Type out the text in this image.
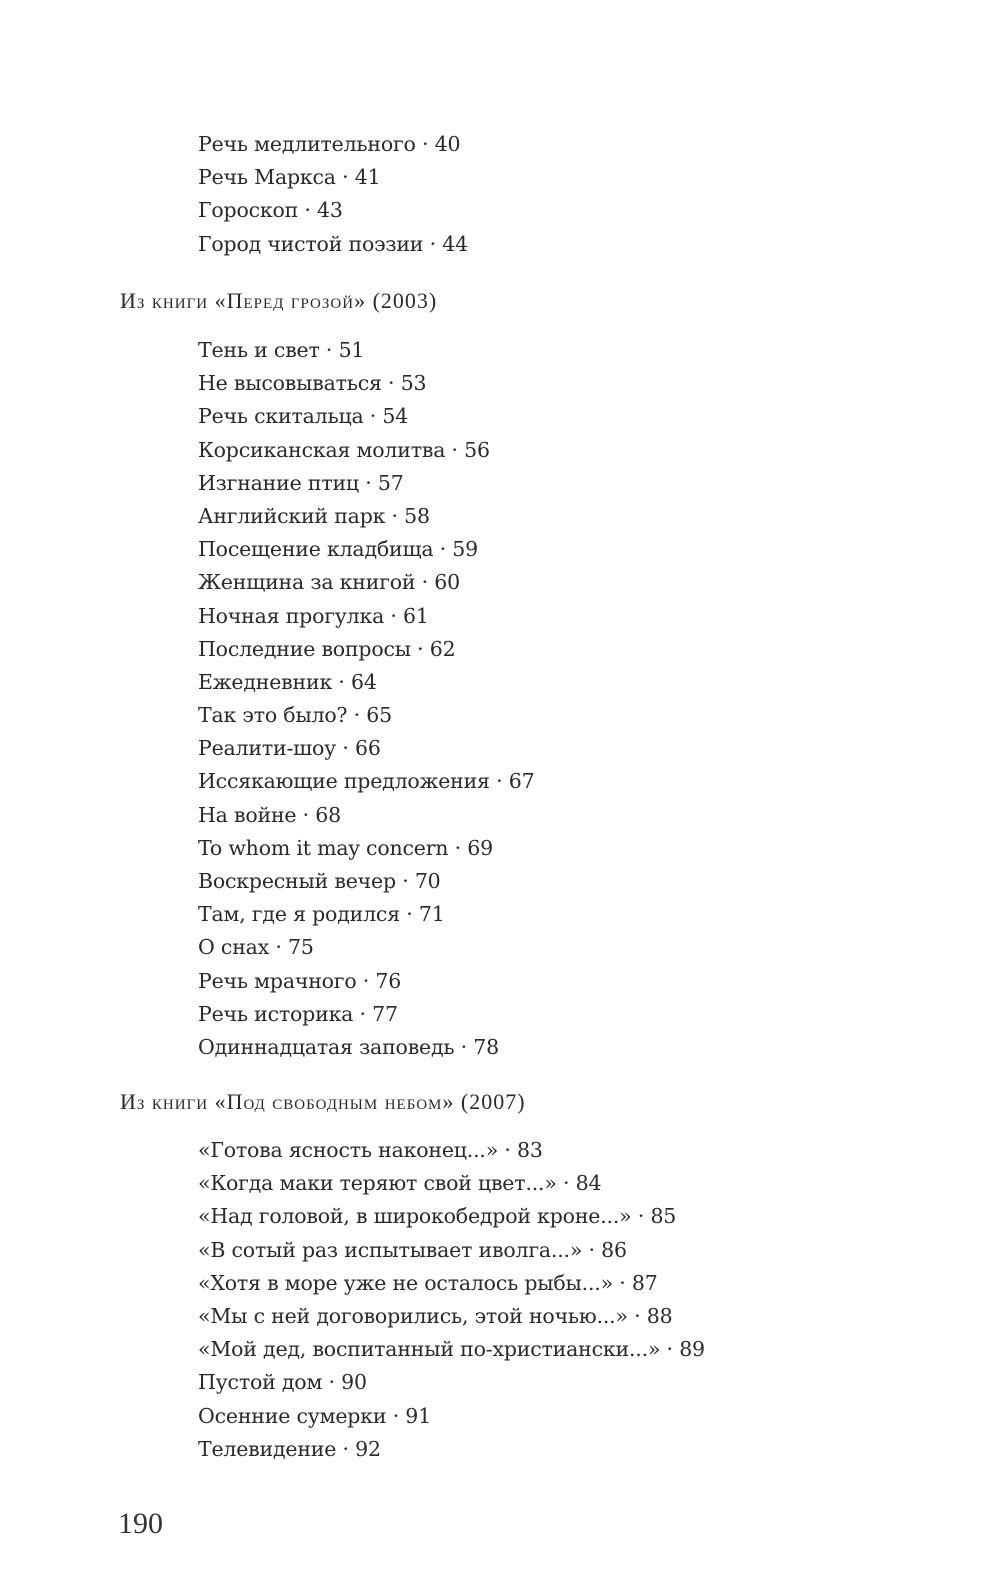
Речь медлительного · 40
Речь Маркса · 41
Гороскоп · 43
Город чистой поэзии · 44
Из книги «Перед грозой» (2003)
Тень и свет · 51
Не высовываться · 53
Речь скитальца · 54
Корсиканская молитва · 56
Изгнание птиц · 57
Английский парк · 58
Посещение кладбища · 59
Женщина за книгой · 60
Ночная прогулка · 61
Последние вопросы · 62
Ежедневник · 64
Так это было? · 65
Реалити-шоу · 66
Иссякающие предложения · 67
На войне · 68
To whom it may concern · 69
Воскресный вечер · 70
Там, где я родился · 71
О снах · 75
Речь мрачного · 76
Речь историка · 77
Одиннадцатая заповедь · 78
Из книги «Под свободным небом» (2007)
«Готова ясность наконец...» · 83
«Когда маки теряют свой цвет...» · 84
«Над головой, в широкобедрой кроне...» · 85
«В сотый раз испытывает иволга...» · 86
«Хотя в море уже не осталось рыбы...» · 87
«Мы с ней договорились, этой ночью...» · 88
«Мой дед, воспитанный по-христиански...» · 89
Пустой дом · 90
Осенние сумерки · 91
Телевидение · 92
190
